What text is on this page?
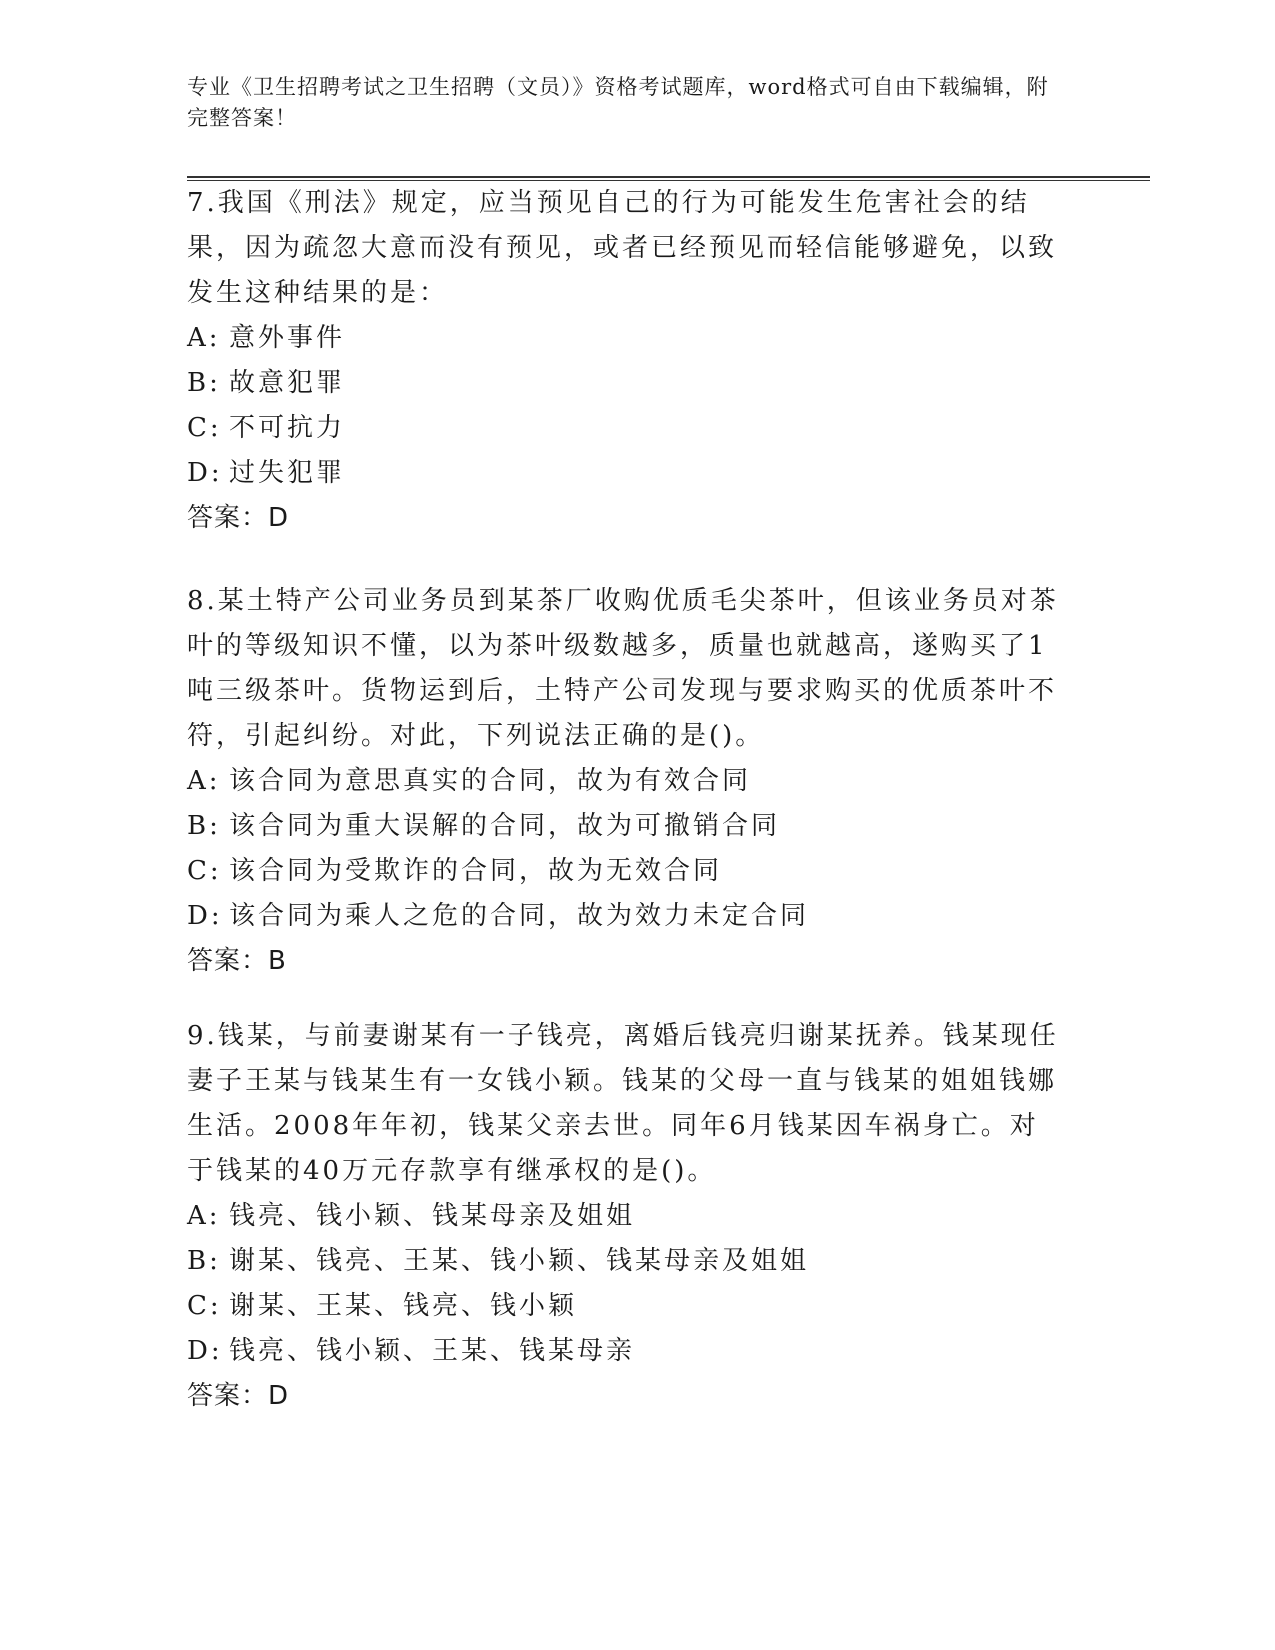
专业《卫生招聘考试之卫生招聘（文员）》资格考试题库，word格式可自由下载编辑，附完整答案！

7.我国《刑法》规定，应当预见自己的行为可能发生危害社会的结果，因为疏忽大意而没有预见，或者已经预见而轻信能够避免，以致发生这种结果的是：

A: 意外事件

B: 故意犯罪

C: 不可抗力

D: 过失犯罪

答案：D

8.某土特产公司业务员到某茶厂收购优质毛尖茶叶，但该业务员对茶叶的等级知识不懂，以为茶叶级数越多，质量也就越高，遂购买了1吨三级茶叶。货物运到后，土特产公司发现与要求购买的优质茶叶不符，引起纠纷。对此，下列说法正确的是()。

A: 该合同为意思真实的合同，故为有效合同

B: 该合同为重大误解的合同，故为可撤销合同

C: 该合同为受欺诈的合同，故为无效合同

D: 该合同为乘人之危的合同，故为效力未定合同

答案：B

9.钱某，与前妻谢某有一子钱亮，离婚后钱亮归谢某抚养。钱某现任妻子王某与钱某生有一女钱小颖。钱某的父母一直与钱某的姐姐钱娜生活。2008年年初，钱某父亲去世。同年6月钱某因车祸身亡。对于钱某的40万元存款享有继承权的是()。

A: 钱亮、钱小颖、钱某母亲及姐姐

B: 谢某、钱亮、王某、钱小颖、钱某母亲及姐姐

C: 谢某、王某、钱亮、钱小颖

D: 钱亮、钱小颖、王某、钱某母亲

答案：D
